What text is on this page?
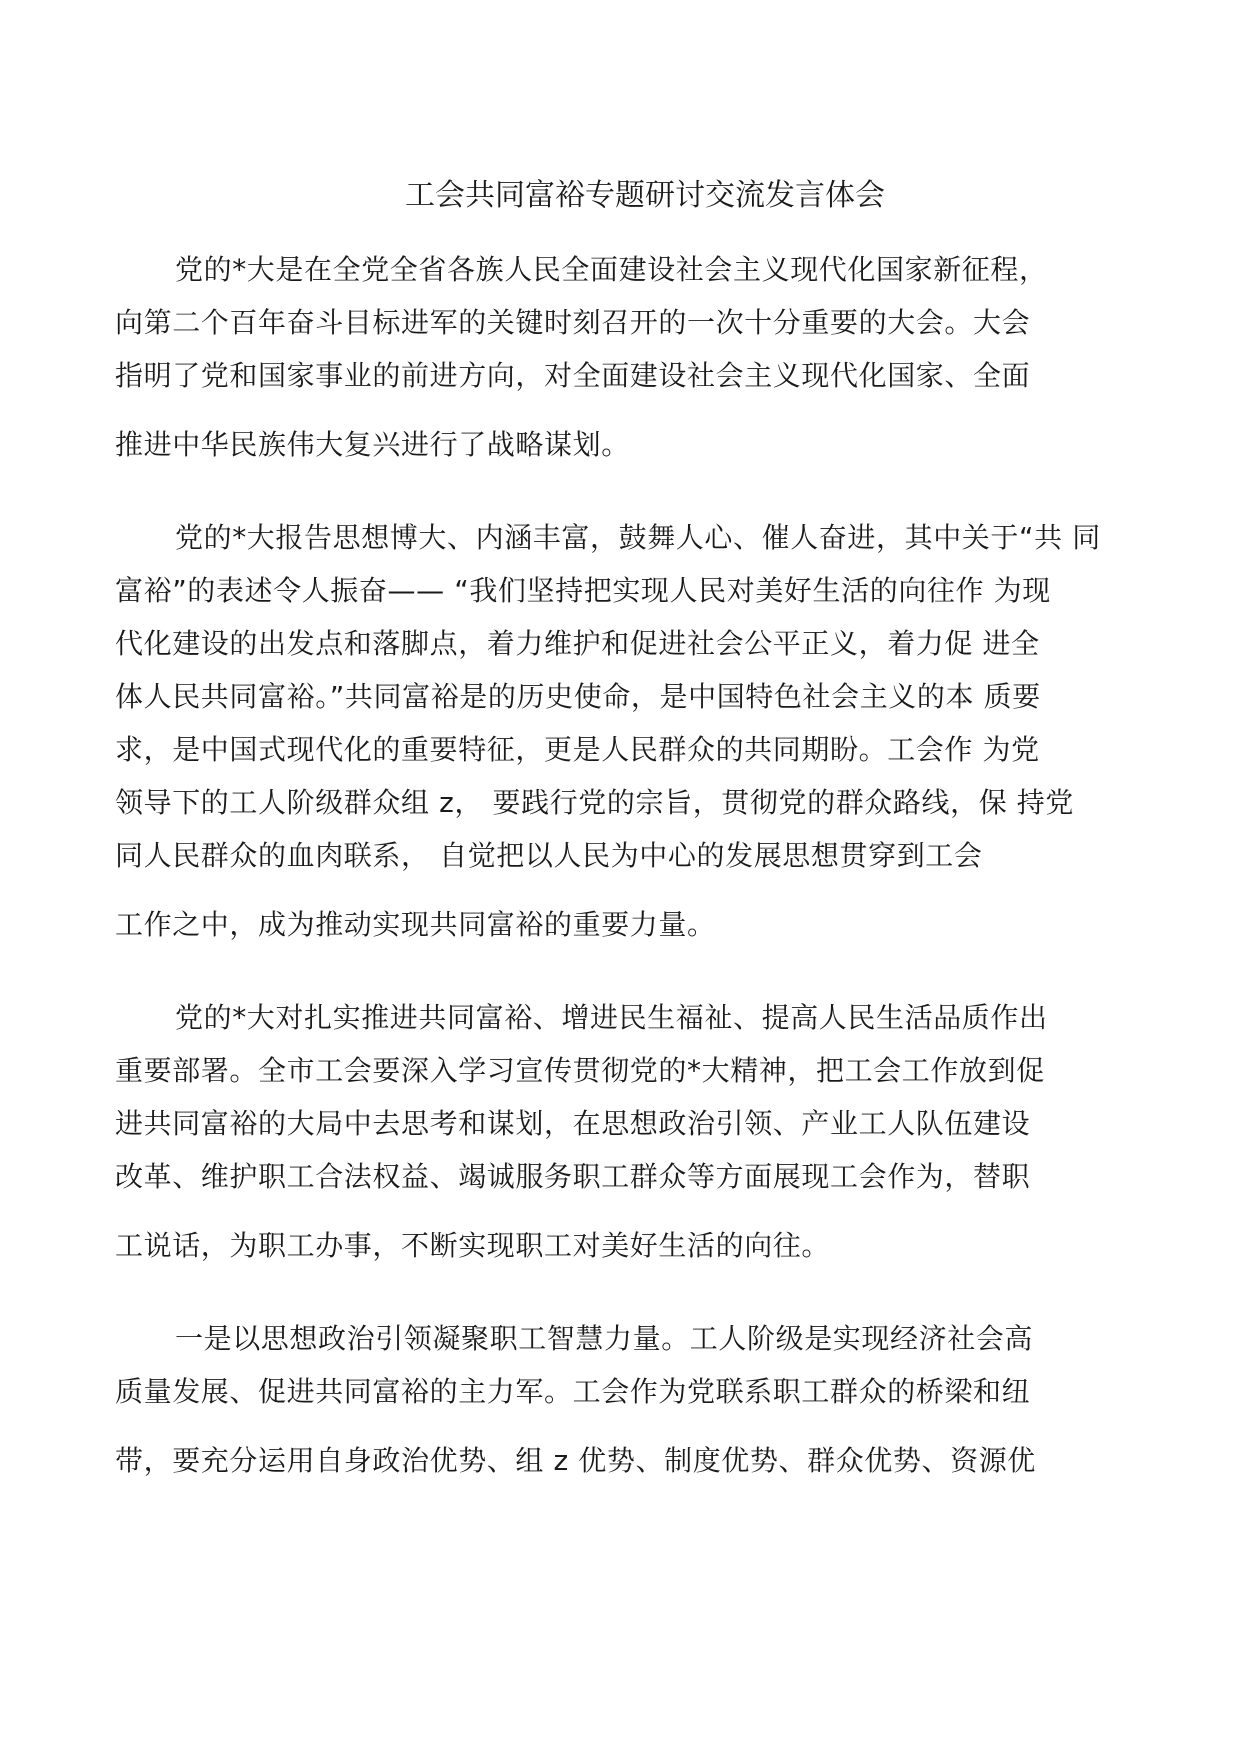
工会共同富裕专题研讨交流发言体会
党的*大是在全党全省各族人民全面建设社会主义现代化国家新征程，
向第二个百年奋斗目标进军的关键时刻召开的一次十分重要的大会。大会
指明了党和国家事业的前进方向，对全面建设社会主义现代化国家、全面
推进中华民族伟大复兴进行了战略谋划。
党的*大报告思想博大、内涵丰富，鼓舞人心、催人奋进，其中关于“共 同
富裕”的表述令人振奋—— “我们坚持把实现人民对美好生活的向往作 为现
代化建设的出发点和落脚点，着力维护和促进社会公平正义，着力促 进全
体人民共同富裕。”共同富裕是的历史使命，是中国特色社会主义的本 质要
求，是中国式现代化的重要特征，更是人民群众的共同期盼。工会作 为党
领导下的工人阶级群众组 z， 要践行党的宗旨，贯彻党的群众路线，保 持党
同人民群众的血肉联系， 自觉把以人民为中心的发展思想贯穿到工会
工作之中，成为推动实现共同富裕的重要力量。
党的*大对扎实推进共同富裕、增进民生福祉、提高人民生活品质作出
重要部署。全市工会要深入学习宣传贯彻党的*大精神，把工会工作放到促
进共同富裕的大局中去思考和谋划，在思想政治引领、产业工人队伍建设
改革、维护职工合法权益、竭诚服务职工群众等方面展现工会作为，替职
工说话，为职工办事，不断实现职工对美好生活的向往。
一是以思想政治引领凝聚职工智慧力量。工人阶级是实现经济社会高
质量发展、促进共同富裕的主力军。工会作为党联系职工群众的桥梁和纽
带，要充分运用自身政治优势、组 z 优势、制度优势、群众优势、资源优
